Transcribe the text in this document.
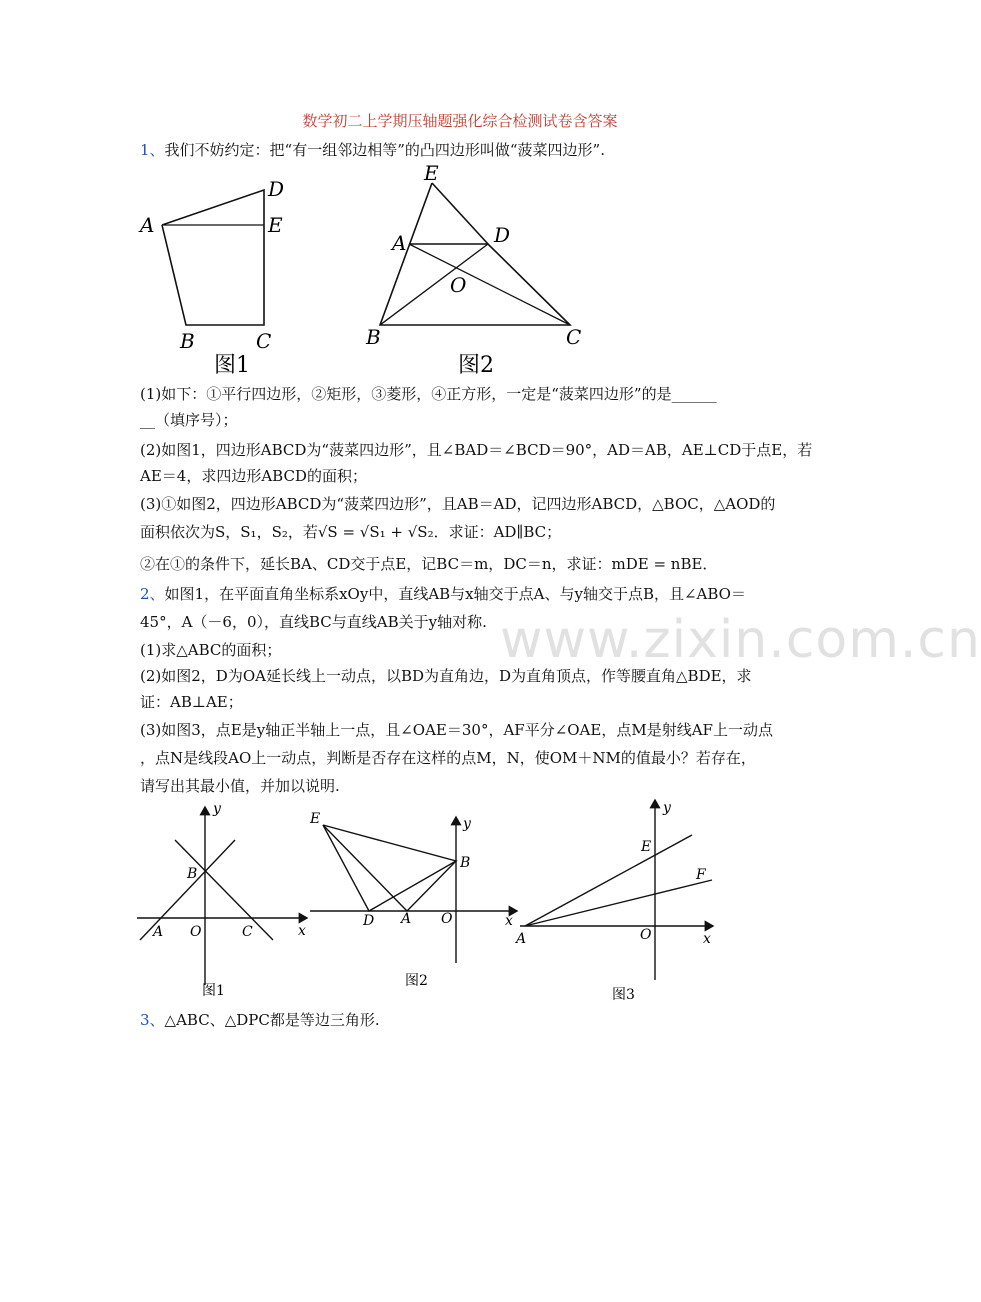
数学初二上学期压轴题强化综合检测试卷含答案
1、我们不妨约定：把“有一组邻边相等”的凸四边形叫做“菠菜四边形”.
A
D
E
B	C
图1
E
A	D
O
B	C
图2
(1)如下：①平行四边形，②矩形，③菱形，④正方形，一定是“菠菜四边形”的是______
__（填序号）；
(2)如图1，四边形ABCD为“菠菜四边形”，且∠BAD＝∠BCD＝90°，AD＝AB，AE⊥CD于点E，若
AE＝4，求四边形ABCD的面积；
(3)①如图2，四边形ABCD为“菠菜四边形”，且AB＝AD，记四边形ABCD，△BOC，△AOD的
面积依次为S，S₁，S₂，若√S = √S₁ + √S₂．求证：AD∥BC；
②在①的条件下，延长BA、CD交于点E，记BC＝m，DC＝n，求证：mDE = nBE．
2、如图1，在平面直角坐标系xOy中，直线AB与x轴交于点A、与y轴交于点B，且∠ABO＝
45°，A（－6，0），直线BC与直线AB关于y轴对称.
(1)求△ABC的面积；
(2)如图2，D为OA延长线上一动点，以BD为直角边，D为直角顶点，作等腰直角△BDE，求
证：AB⊥AE；
(3)如图3，点E是y轴正半轴上一点，且∠OAE＝30°，AF平分∠OAE，点M是射线AF上一动点
，点N是线段AO上一动点，判断是否存在这样的点M，N，使OM＋NM的值最小？若存在，
请写出其最小值，并加以说明.
y
x
B
A O	C
图1
E	y
B
D A O	x
图2
y
E
F
A	O	x
图3
3、△ABC、△DPC都是等边三角形.
www.zixin.com.cn
